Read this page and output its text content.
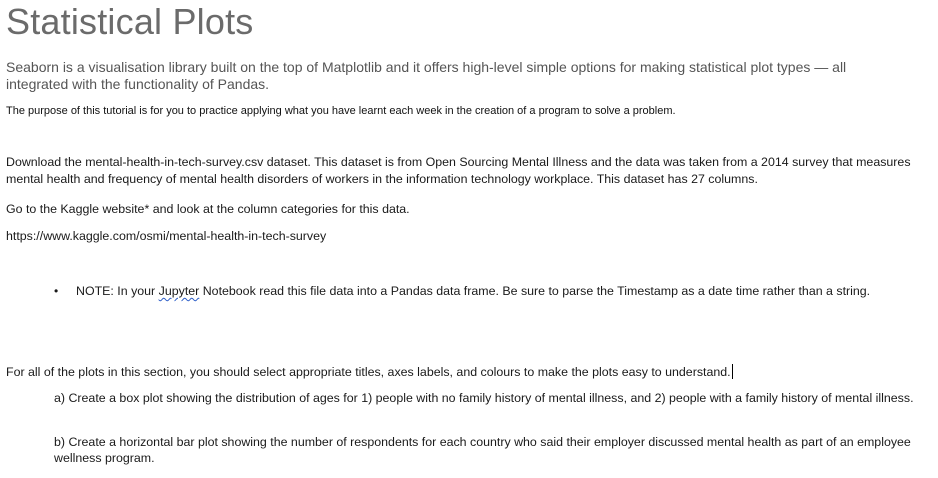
Statistical Plots
Seaborn is a visualisation library built on the top of Matplotlib and it offers high-level simple options for making statistical plot types — all integrated with the functionality of Pandas.
The purpose of this tutorial is for you to practice applying what you have learnt each week in the creation of a program to solve a problem.
Download the mental-health-in-tech-survey.csv dataset. This dataset is from Open Sourcing Mental Illness and the data was taken from a 2014 survey that measures mental health and frequency of mental health disorders of workers in the information technology workplace. This dataset has 27 columns.
Go to the Kaggle website* and look at the column categories for this data.
https://www.kaggle.com/osmi/mental-health-in-tech-survey
• NOTE: In your Jupyter Notebook read this file data into a Pandas data frame. Be sure to parse the Timestamp as a date time rather than a string.
For all of the plots in this section, you should select appropriate titles, axes labels, and colours to make the plots easy to understand.
a) Create a box plot showing the distribution of ages for 1) people with no family history of mental illness, and 2) people with a family history of mental illness.
b) Create a horizontal bar plot showing the number of respondents for each country who said their employer discussed mental health as part of an employee wellness program.
